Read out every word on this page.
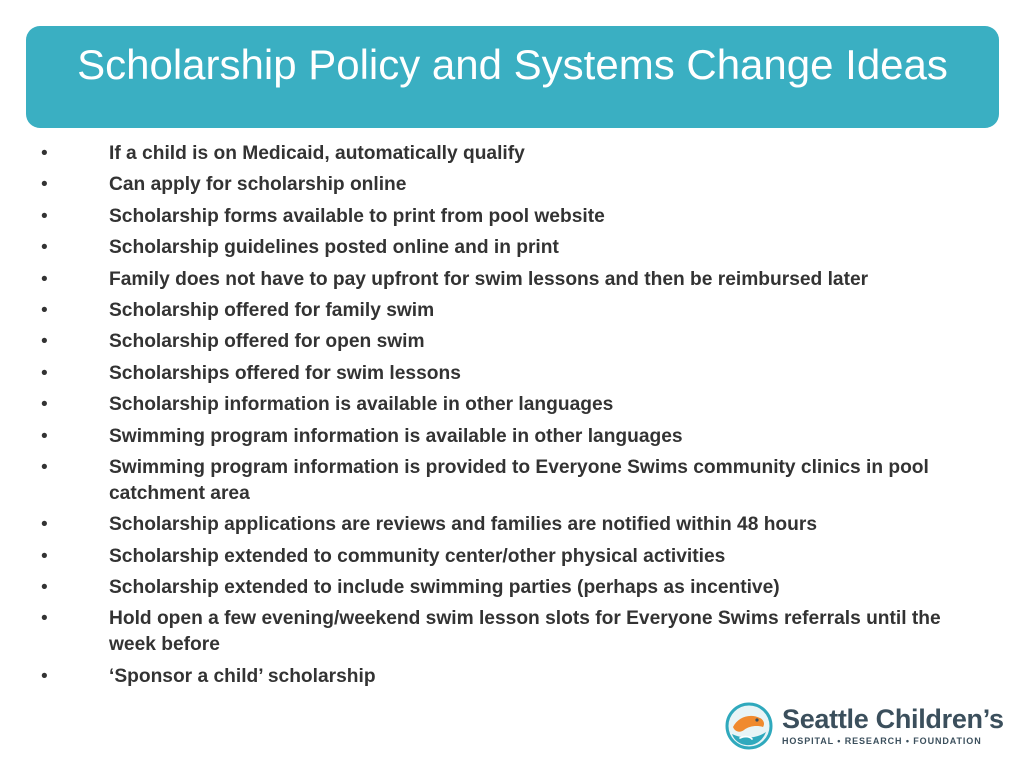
Scholarship Policy and Systems Change Ideas
•	If a child is on Medicaid, automatically qualify
•	Can apply for scholarship online
•	Scholarship forms available to print from pool website
•	Scholarship guidelines posted online and in print
•	Family does not have to pay upfront for swim lessons and then be reimbursed later
•	Scholarship offered for family swim
•	Scholarship offered for open swim
•	Scholarships offered for swim lessons
•	Scholarship information is available in other languages
•	Swimming program information is available in other languages
•	Swimming program information is provided to Everyone Swims community clinics in pool catchment area
•	Scholarship applications are reviews and families are notified within 48 hours
•	Scholarship extended to community center/other physical activities
•	Scholarship extended to include swimming parties (perhaps as incentive)
•	Hold open a few evening/weekend swim lesson slots for Everyone Swims referrals until the week before
•	‘Sponsor a child’ scholarship
Seattle Children’s
HOSPITAL • RESEARCH • FOUNDATION
